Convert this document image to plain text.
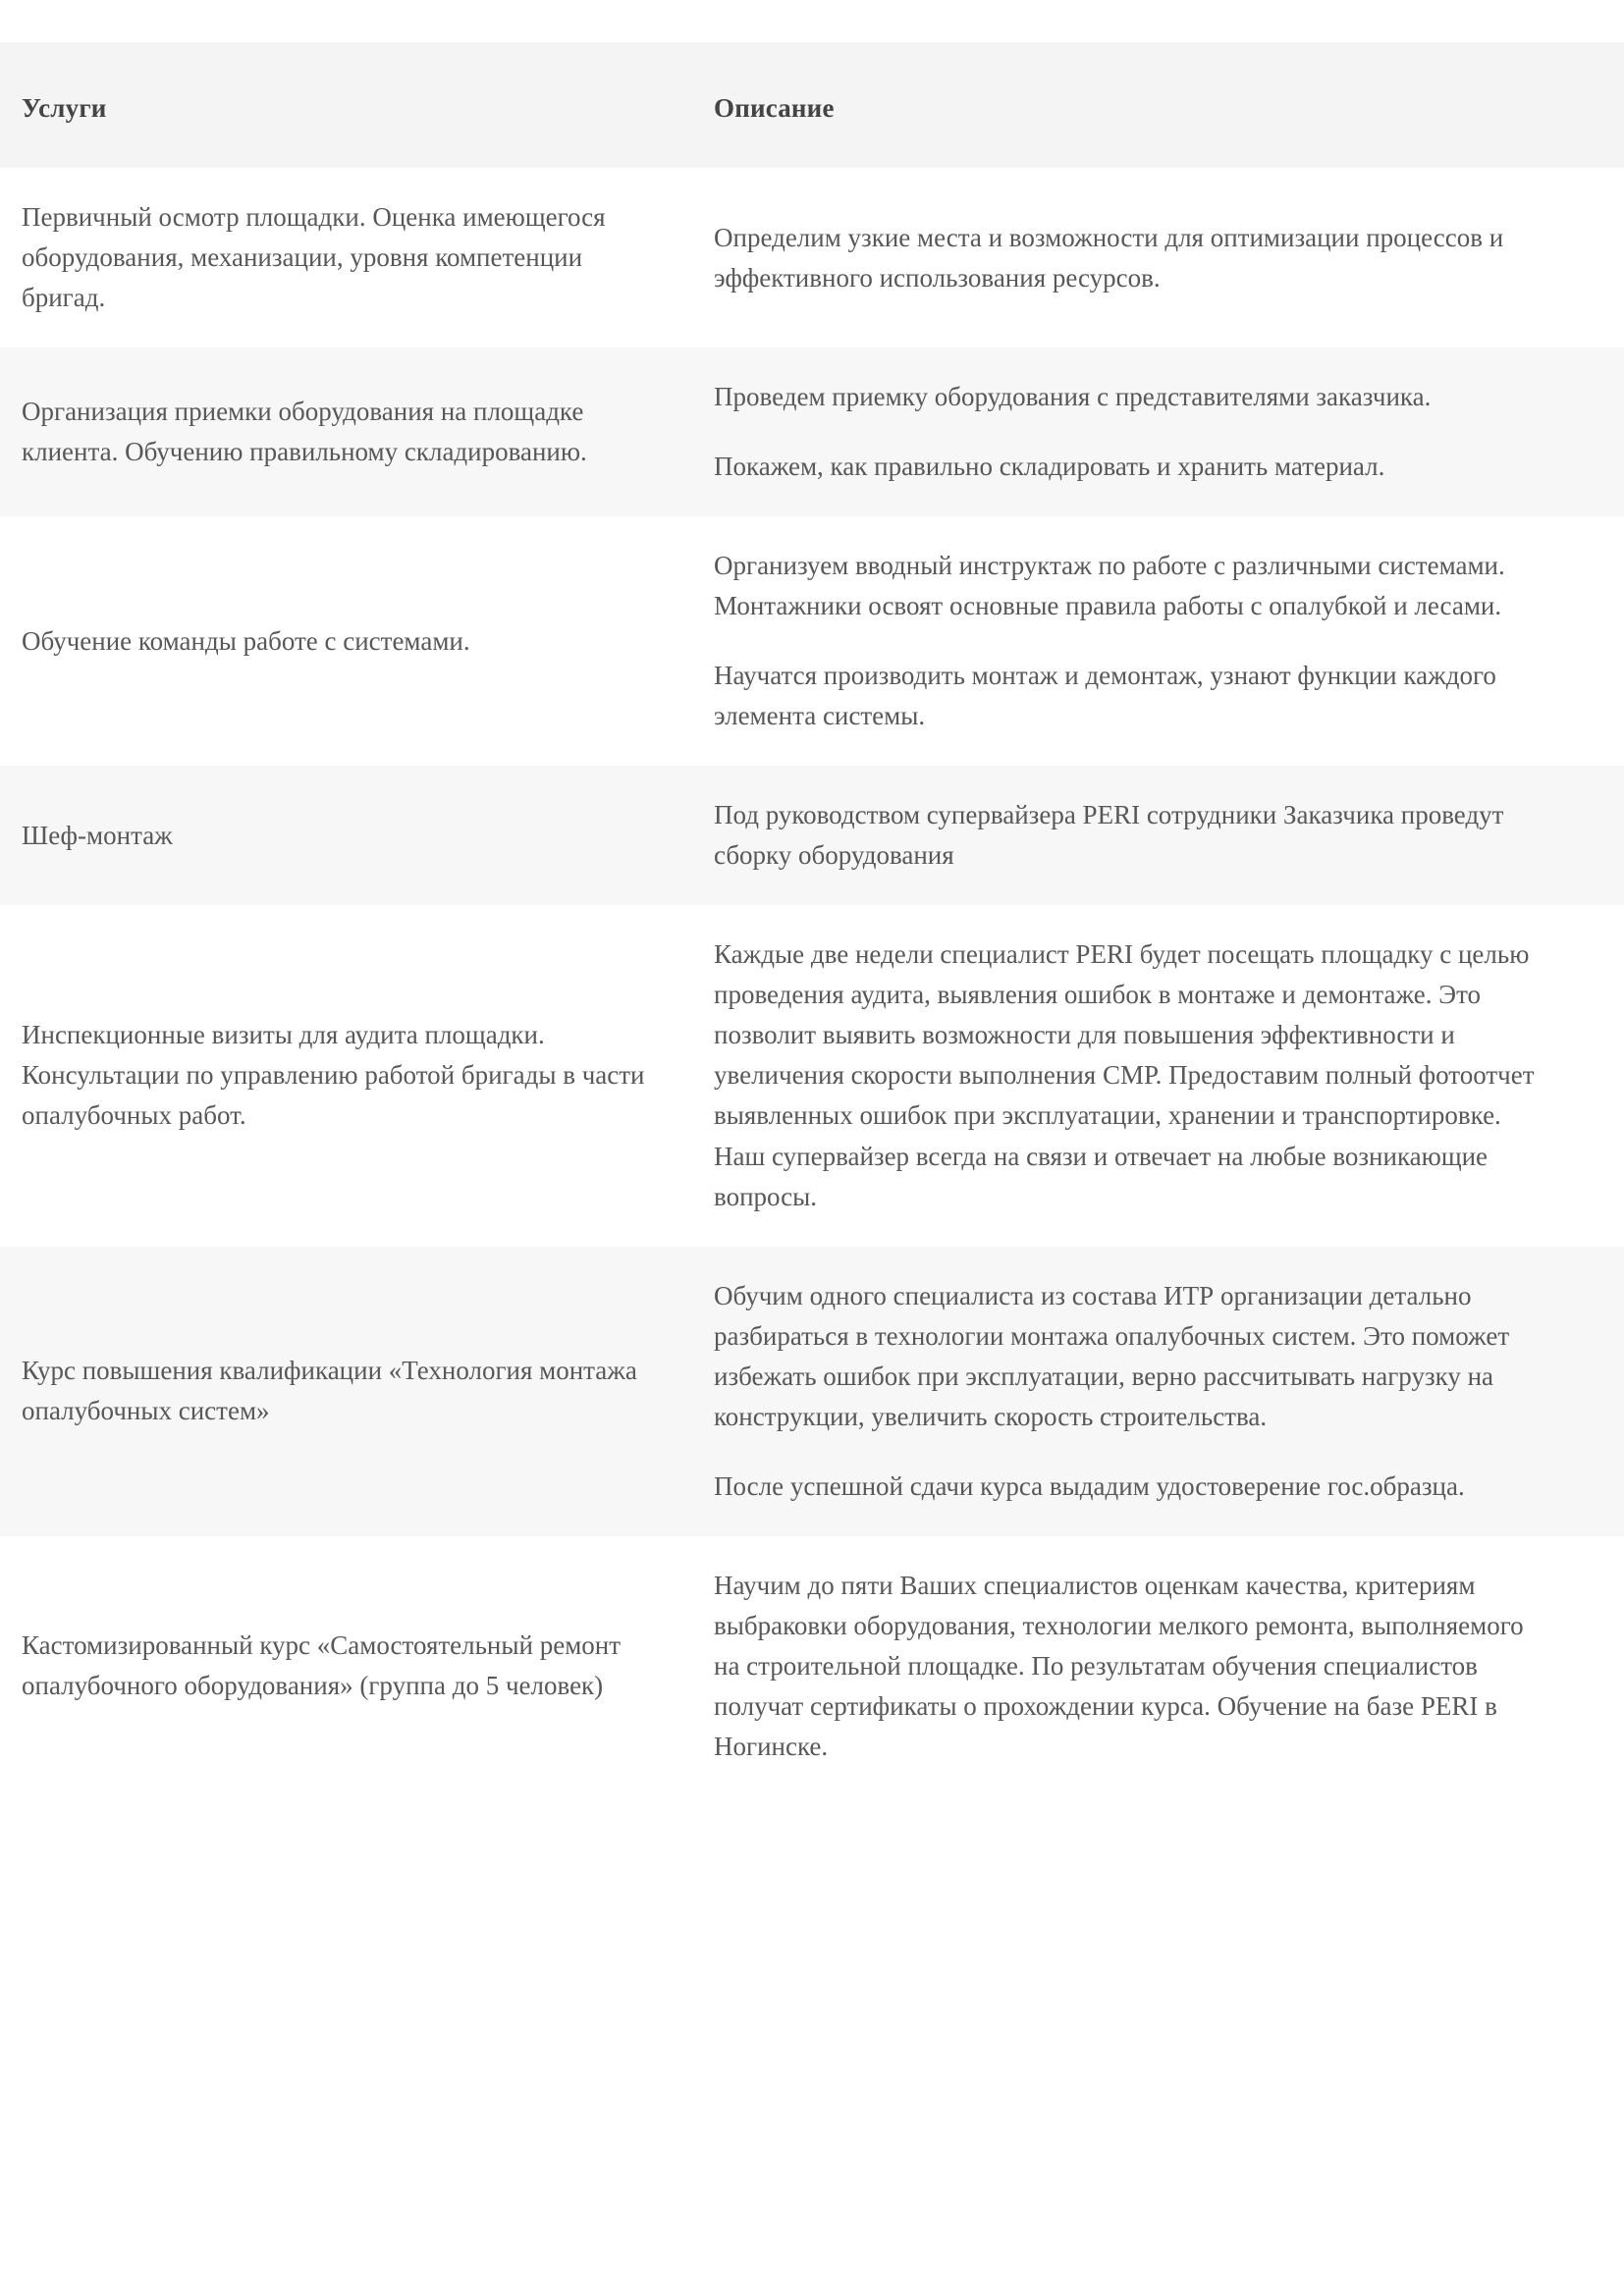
Услуги	Описание
Первичный осмотр площадки. Оценка имеющегося оборудования, механизации, уровня компетенции бригад.	Определим узкие места и возможности для оптимизации процессов и эффективного использования ресурсов.

Организация приемки оборудования на площадке клиента. Обучению правильному складированию.	Проведем приемку оборудования с представителями заказчика.

Покажем, как правильно складировать и хранить материал.

Обучение команды работе с системами.	Организуем вводный инструктаж по работе с различными системами. Монтажники освоят основные правила работы с опалубкой и лесами.

Научатся производить монтаж и демонтаж, узнают функции каждого элемента системы.

Шеф-монтаж	Под руководством супервайзера PERI сотрудники Заказчика проведут сборку оборудования

Инспекционные визиты для аудита площадки. Консультации по управлению работой бригады в части опалубочных работ.	Каждые две недели специалист PERI будет посещать площадку с целью проведения аудита, выявления ошибок в монтаже и демонтаже. Это позволит выявить возможности для повышения эффективности и увеличения скорости выполнения СМР. Предоставим полный фотоотчет выявленных ошибок при эксплуатации, хранении и транспортировке. Наш супервайзер всегда на связи и отвечает на любые возникающие вопросы.

Курс повышения квалификации «Технология монтажа опалубочных систем»	Обучим одного специалиста из состава ИТР организации детально разбираться в технологии монтажа опалубочных систем. Это поможет избежать ошибок при эксплуатации, верно рассчитывать нагрузку на конструкции, увеличить скорость строительства.

После успешной сдачи курса выдадим удостоверение гос.образца.

Кастомизированный курс «Самостоятельный ремонт опалубочного оборудования» (группа до 5 человек)	Научим до пяти Ваших специалистов оценкам качества, критериям выбраковки оборудования, технологии мелкого ремонта, выполняемого на строительной площадке. По результатам обучения специалистов получат сертификаты о прохождении курса. Обучение на базе PERI в Ногинске.
